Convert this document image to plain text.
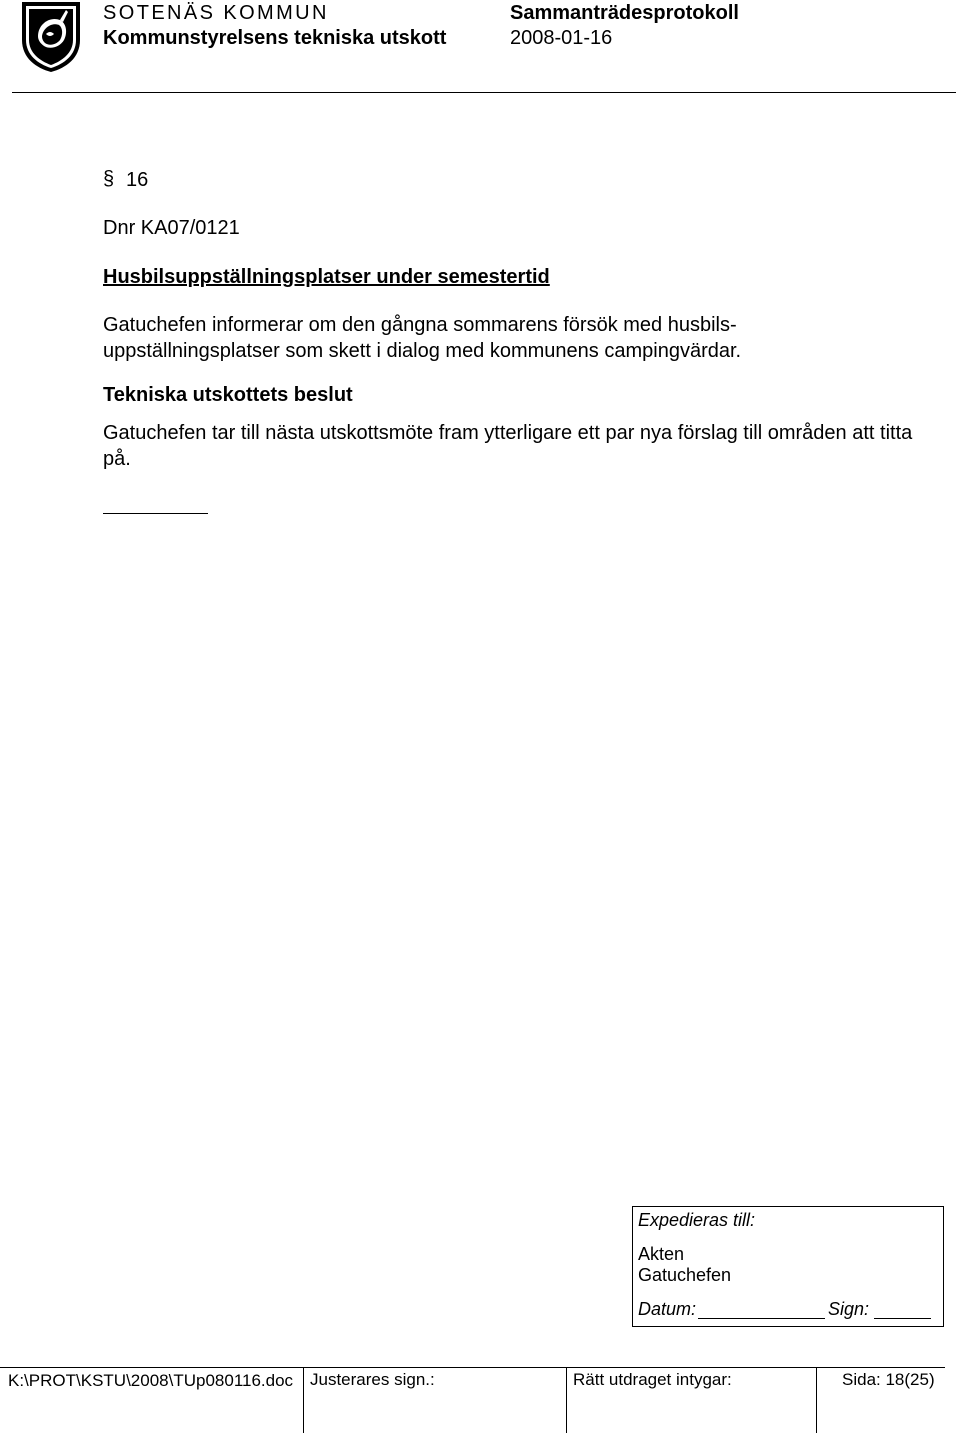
SOTENÄS KOMMUN
Kommunstyrelsens tekniska utskott
Sammanträdesprotokoll
2008-01-16
§ 16
Dnr KA07/0121
Husbilsuppställningsplatser under semestertid
Gatuchefen informerar om den gångna sommarens försök med husbils-uppställningsplatser som skett i dialog med kommunens campingvärdar.
Tekniska utskottets beslut
Gatuchefen tar till nästa utskottsmöte fram ytterligare ett par nya förslag till områden att titta på.
Expedieras till:
Akten
Gatuchefen
Datum:	Sign:
K:\PROT\KSTU\2008\TUp080116.doc Justerares sign.:	Rätt utdraget intygar:	Sida: 18(25)
